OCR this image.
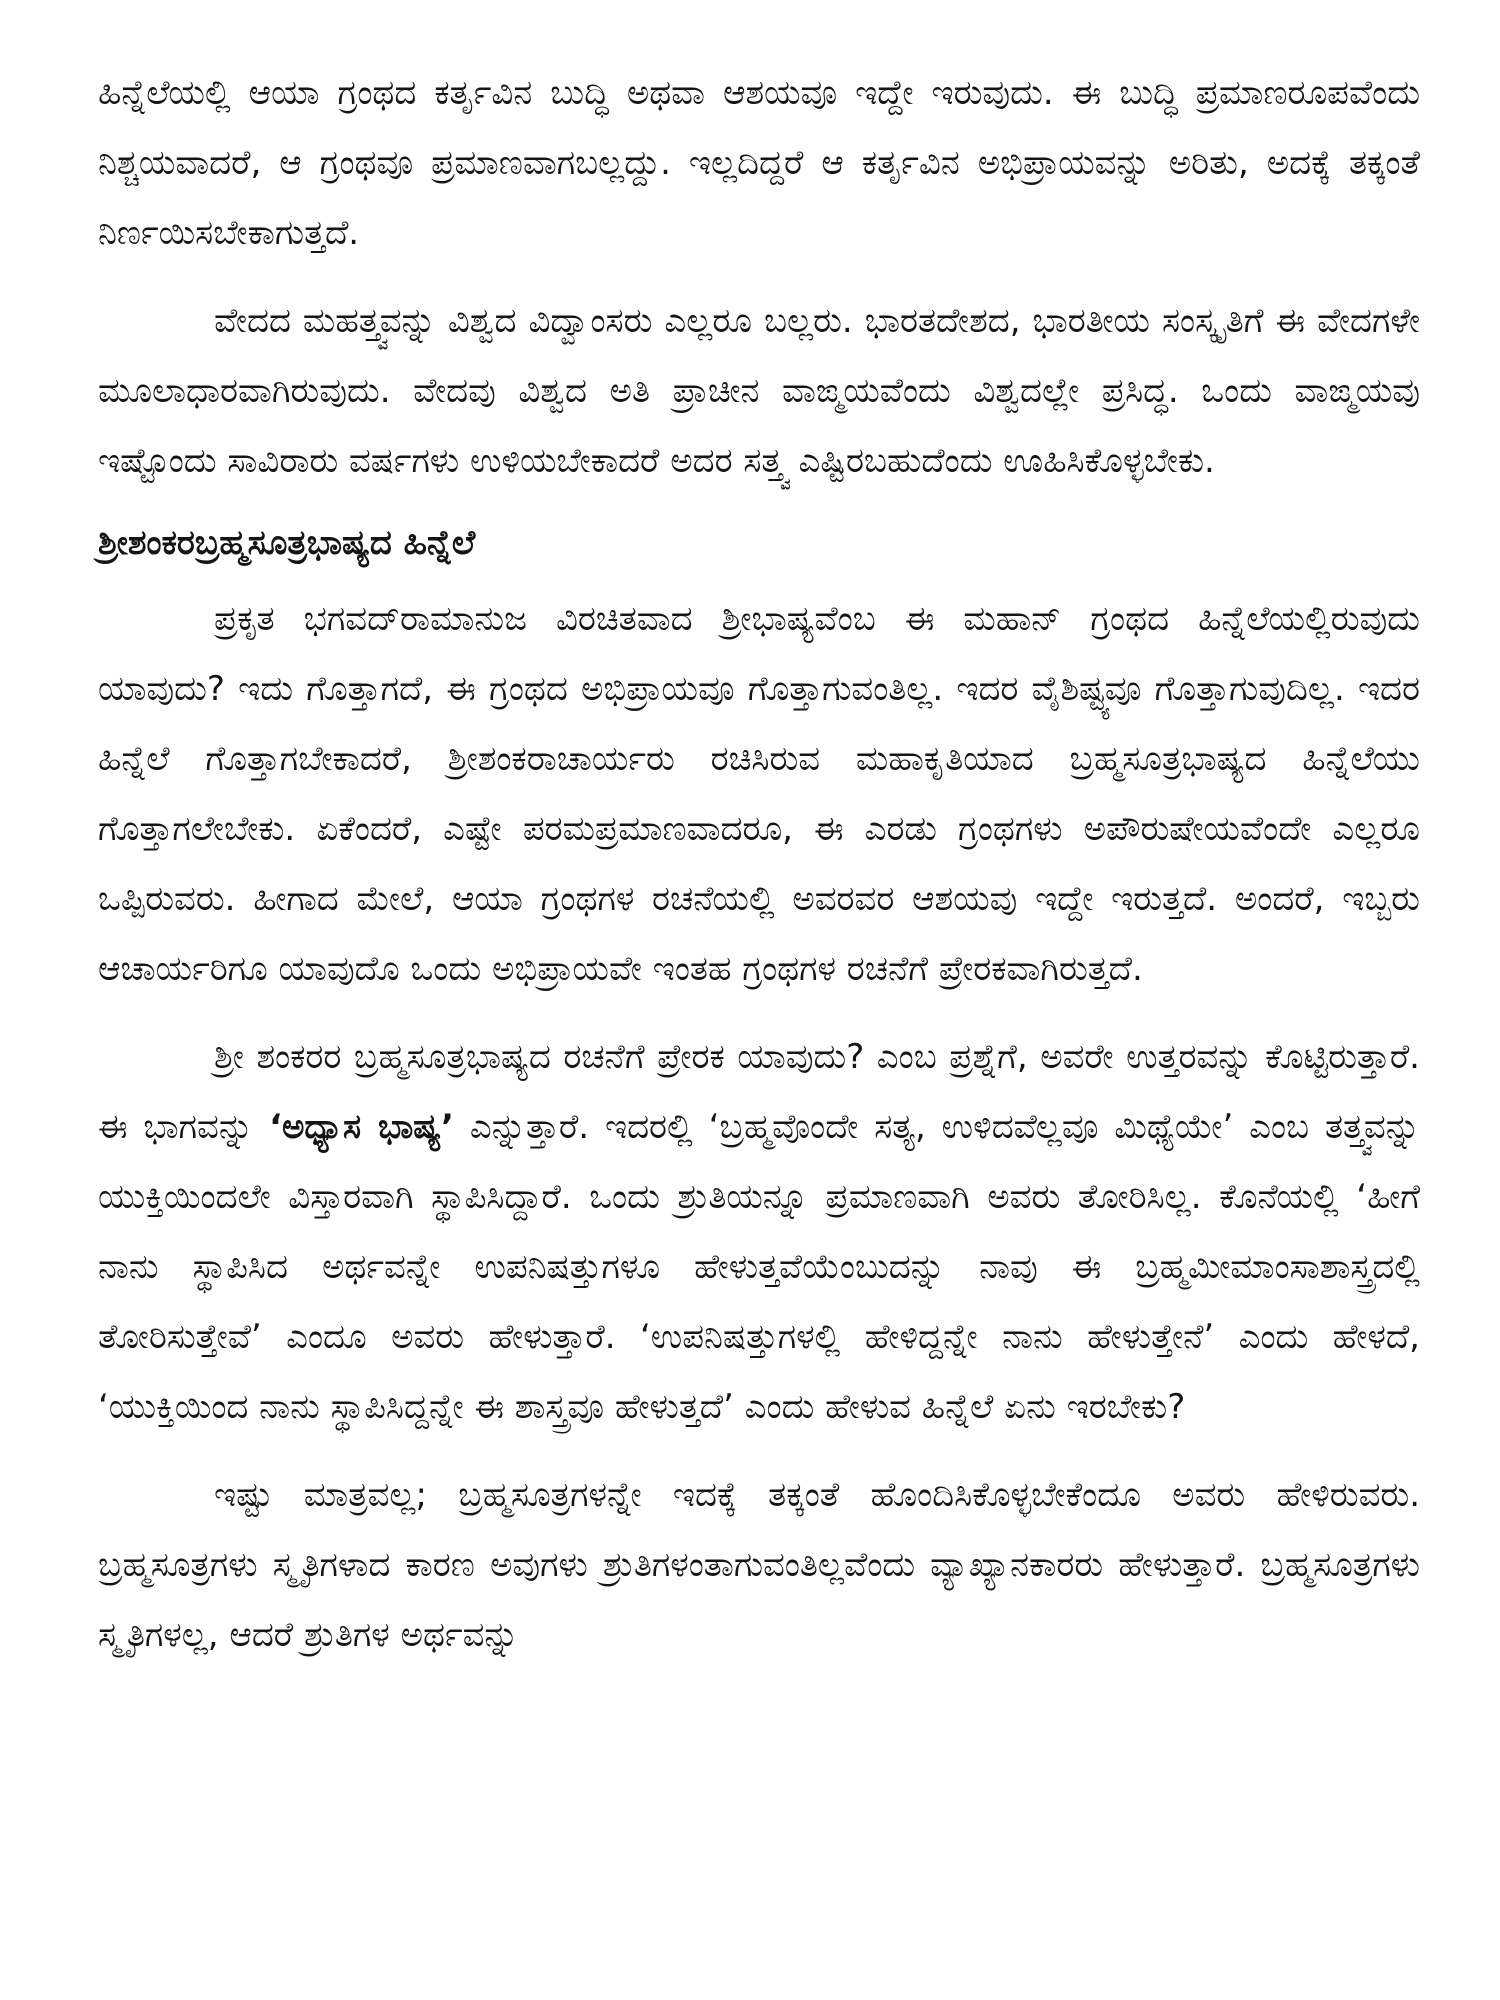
ಹಿನ್ನೆಲೆಯಲ್ಲಿ ಆಯಾ ಗ್ರಂಥದ ಕರ್ತೃವಿನ ಬುದ್ಧಿ ಅಥವಾ ಆಶಯವೂ ಇದ್ದೇ ಇರುವುದು. ಈ ಬುದ್ಧಿ ಪ್ರಮಾಣರೂಪವೆಂದು ನಿಶ್ಚಯವಾದರೆ, ಆ ಗ್ರಂಥವೂ ಪ್ರಮಾಣವಾಗಬಲ್ಲದ್ದು. ಇಲ್ಲದಿದ್ದರೆ ಆ ಕರ್ತೃವಿನ ಅಭಿಪ್ರಾಯವನ್ನು ಅರಿತು, ಅದಕ್ಕೆ ತಕ್ಕಂತೆ ನಿರ್ಣಯಿಸಬೇಕಾಗುತ್ತದೆ.

ವೇದದ ಮಹತ್ತ್ವವನ್ನು ವಿಶ್ವದ ವಿದ್ವಾಂಸರು ಎಲ್ಲರೂ ಬಲ್ಲರು. ಭಾರತದೇಶದ, ಭಾರತೀಯ ಸಂಸ್ಕೃತಿಗೆ ಈ ವೇದಗಳೇ ಮೂಲಾಧಾರವಾಗಿರುವುದು. ವೇದವು ವಿಶ್ವದ ಅತಿ ಪ್ರಾಚೀನ ವಾಙ್ಮಯವೆಂದು ವಿಶ್ವದಲ್ಲೇ ಪ್ರಸಿದ್ಧ. ಒಂದು ವಾಙ್ಮಯವು ಇಷ್ಟೊಂದು ಸಾವಿರಾರು ವರ್ಷಗಳು ಉಳಿಯಬೇಕಾದರೆ ಅದರ ಸತ್ತ್ವ ಎಷ್ಟಿರಬಹುದೆಂದು ಊಹಿಸಿಕೊಳ್ಳಬೇಕು.

ಶ್ರೀಶಂಕರಬ್ರಹ್ಮಸೂತ್ರಭಾಷ್ಯದ ಹಿನ್ನೆಲೆ

ಪ್ರಕೃತ ಭಗವದ್‌ರಾಮಾನುಜ ವಿರಚಿತವಾದ ಶ್ರೀಭಾಷ್ಯವೆಂಬ ಈ ಮಹಾನ್ ಗ್ರಂಥದ ಹಿನ್ನೆಲೆಯಲ್ಲಿರುವುದು ಯಾವುದು? ಇದು ಗೊತ್ತಾಗದೆ, ಈ ಗ್ರಂಥದ ಅಭಿಪ್ರಾಯವೂ ಗೊತ್ತಾಗುವಂತಿಲ್ಲ. ಇದರ ವೈಶಿಷ್ಟ್ಯವೂ ಗೊತ್ತಾಗುವುದಿಲ್ಲ. ಇದರ ಹಿನ್ನೆಲೆ ಗೊತ್ತಾಗಬೇಕಾದರೆ, ಶ್ರೀಶಂಕರಾಚಾರ್ಯರು ರಚಿಸಿರುವ ಮಹಾಕೃತಿಯಾದ ಬ್ರಹ್ಮಸೂತ್ರಭಾಷ್ಯದ ಹಿನ್ನೆಲೆಯು ಗೊತ್ತಾಗಲೇಬೇಕು. ಏಕೆಂದರೆ, ಎಷ್ಟೇ ಪರಮಪ್ರಮಾಣವಾದರೂ, ಈ ಎರಡು ಗ್ರಂಥಗಳು ಅಪೌರುಷೇಯವೆಂದೇ ಎಲ್ಲರೂ ಒಪ್ಪಿರುವರು. ಹೀಗಾದ ಮೇಲೆ, ಆಯಾ ಗ್ರಂಥಗಳ ರಚನೆಯಲ್ಲಿ ಅವರವರ ಆಶಯವು ಇದ್ದೇ ಇರುತ್ತದೆ. ಅಂದರೆ, ಇಬ್ಬರು ಆಚಾರ್ಯರಿಗೂ ಯಾವುದೊ ಒಂದು ಅಭಿಪ್ರಾಯವೇ ಇಂತಹ ಗ್ರಂಥಗಳ ರಚನೆಗೆ ಪ್ರೇರಕವಾಗಿರುತ್ತದೆ.

ಶ್ರೀ ಶಂಕರರ ಬ್ರಹ್ಮಸೂತ್ರಭಾಷ್ಯದ ರಚನೆಗೆ ಪ್ರೇರಕ ಯಾವುದು? ಎಂಬ ಪ್ರಶ್ನೆಗೆ, ಅವರೇ ಉತ್ತರವನ್ನು ಕೊಟ್ಟಿರುತ್ತಾರೆ. ಈ ಭಾಗವನ್ನು ‘ಅಧ್ಯಾಸ ಭಾಷ್ಯ’ ಎನ್ನುತ್ತಾರೆ. ಇದರಲ್ಲಿ ‘ಬ್ರಹ್ಮವೊಂದೇ ಸತ್ಯ, ಉಳಿದವೆಲ್ಲವೂ ಮಿಥ್ಯೆಯೇ’ ಎಂಬ ತತ್ತ್ವವನ್ನು ಯುಕ್ತಿಯಿಂದಲೇ ವಿಸ್ತಾರವಾಗಿ ಸ್ಥಾಪಿಸಿದ್ದಾರೆ. ಒಂದು ಶ್ರುತಿಯನ್ನೂ ಪ್ರಮಾಣವಾಗಿ ಅವರು ತೋರಿಸಿಲ್ಲ. ಕೊನೆಯಲ್ಲಿ ‘ಹೀಗೆ ನಾನು ಸ್ಥಾಪಿಸಿದ ಅರ್ಥವನ್ನೇ ಉಪನಿಷತ್ತುಗಳೂ ಹೇಳುತ್ತವೆಯೆಂಬುದನ್ನು ನಾವು ಈ ಬ್ರಹ್ಮಮೀಮಾಂಸಾಶಾಸ್ತ್ರದಲ್ಲಿ ತೋರಿಸುತ್ತೇವೆ’ ಎಂದೂ ಅವರು ಹೇಳುತ್ತಾರೆ. ‘ಉಪನಿಷತ್ತುಗಳಲ್ಲಿ ಹೇಳಿದ್ದನ್ನೇ ನಾನು ಹೇಳುತ್ತೇನೆ’ ಎಂದು ಹೇಳದೆ, ‘ಯುಕ್ತಿಯಿಂದ ನಾನು ಸ್ಥಾಪಿಸಿದ್ದನ್ನೇ ಈ ಶಾಸ್ತ್ರವೂ ಹೇಳುತ್ತದೆ’ ಎಂದು ಹೇಳುವ ಹಿನ್ನೆಲೆ ಏನು ಇರಬೇಕು?

ಇಷ್ಟು ಮಾತ್ರವಲ್ಲ; ಬ್ರಹ್ಮಸೂತ್ರಗಳನ್ನೇ ಇದಕ್ಕೆ ತಕ್ಕಂತೆ ಹೊಂದಿಸಿಕೊಳ್ಳಬೇಕೆಂದೂ ಅವರು ಹೇಳಿರುವರು. ಬ್ರಹ್ಮಸೂತ್ರಗಳು ಸ್ಮೃತಿಗಳಾದ ಕಾರಣ ಅವುಗಳು ಶ್ರುತಿಗಳಂತಾಗುವಂತಿಲ್ಲವೆಂದು ವ್ಯಾಖ್ಯಾನಕಾರರು ಹೇಳುತ್ತಾರೆ. ಬ್ರಹ್ಮಸೂತ್ರಗಳು ಸ್ಮೃತಿಗಳಲ್ಲ, ಆದರೆ ಶ್ರುತಿಗಳ ಅರ್ಥವನ್ನು
